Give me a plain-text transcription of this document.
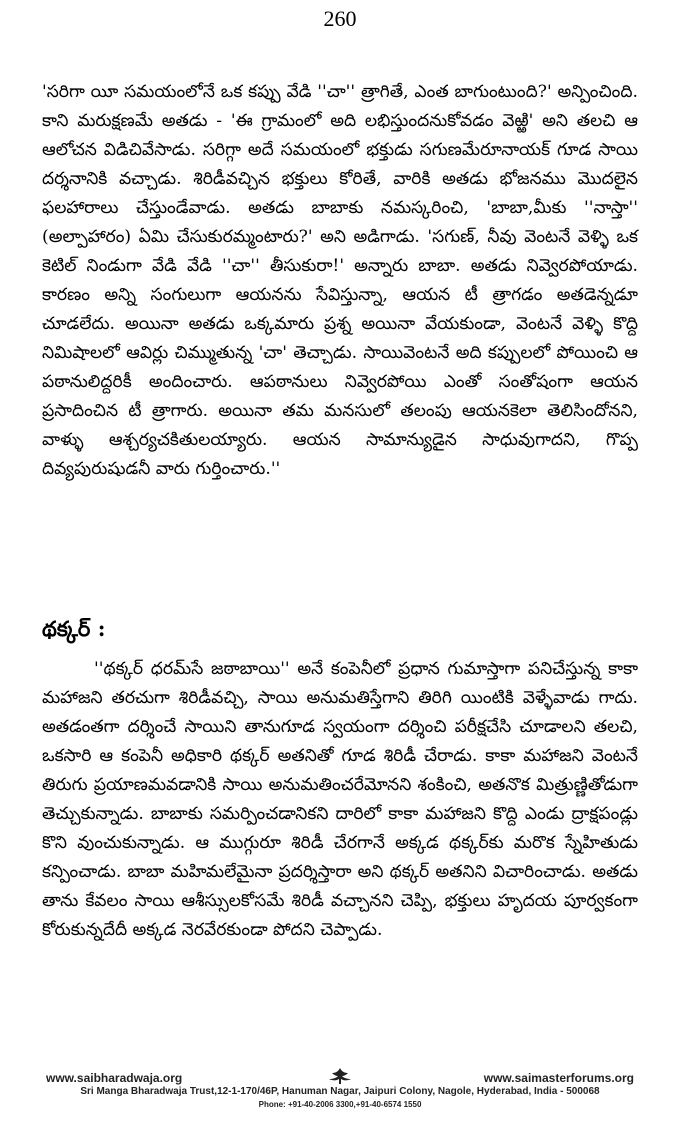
260

'సరిగా యీ సమయంలోనే ఒక కప్పు వేడి ''చా'' త్రాగితే, ఎంత బాగుంటుంది?' అన్పించింది. కాని మరుక్షణమే అతడు - 'ఈ గ్రామంలో అది లభిస్తుందనుకోవడం వెఱ్ఱి' అని తలచి ఆ ఆలోచన విడిచివేసాడు. సరిగ్గా అదే సమయంలో భక్తుడు సగుణమేరూనాయక్ గూడ సాయి దర్శనానికి వచ్చాడు. శిరిడీవచ్చిన భక్తులు కోరితే, వారికి అతడు భోజనము మొదలైన ఫలహారాలు చేస్తుండేవాడు. అతడు బాబాకు నమస్కరించి, 'బాబా,మీకు ''నాస్తా'' (అల్పాహారం) ఏమి చేసుకురమ్మంటారు?' అని అడిగాడు. 'సగుణ్, నీవు వెంటనే వెళ్ళి ఒక కెటిల్ నిండుగా వేడి వేడి ''చా'' తీసుకురా!' అన్నారు బాబా. అతడు నివ్వెరపోయాడు. కారణం అన్ని సంగులుగా ఆయనను సేవిస్తున్నా, ఆయన టీ త్రాగడం అతడెన్నడూ చూడలేదు. అయినా అతడు ఒక్కమారు ప్రశ్న అయినా వేయకుండా, వెంటనే వెళ్ళి కొద్ది నిమిషాలలో ఆవిర్లు చిమ్ముతున్న 'చా' తెచ్చాడు. సాయివెంటనే అది కప్పులలో పోయించి ఆ పఠానులిద్దరికీ అందించారు. ఆపఠానులు నివ్వెరపోయి ఎంతో సంతోషంగా ఆయన ప్రసాదించిన టీ త్రాగారు. అయినా తమ మనసులో తలంపు ఆయనకెలా తెలిసిందోనని, వాళ్ళు ఆశ్చర్యచకితులయ్యారు. ఆయన సామాన్యుడైన సాధువుగాదని, గొప్ప దివ్యపురుషుడనీ వారు గుర్తించారు.''

థక్కర్ :

''థక్కర్ ధరమ్‌సే జఠాబాయి'' అనే కంపెనీలో ప్రధాన గుమాస్తాగా పనిచేస్తున్న కాకా మహాజని తరచుగా శిరిడీవచ్చి, సాయి అనుమతిస్తేగాని తిరిగి యింటికి వెళ్ళేవాడు గాదు. అతడంతగా దర్శించే సాయిని తానుగూడ స్వయంగా దర్శించి పరీక్షచేసి చూడాలని తలచి, ఒకసారి ఆ కంపెనీ అధికారి థక్కర్ అతనితో గూడ శిరిడీ చేరాడు. కాకా మహాజని వెంటనే తిరుగు ప్రయాణమవడానికి సాయి అనుమతించరేమోనని శంకించి, అతనొక మిత్రుణ్ణితోడుగా తెచ్చుకున్నాడు. బాబాకు సమర్పించడానికని దారిలో కాకా మహాజని కొద్ది ఎండు ద్రాక్షపండ్లు కొని వుంచుకున్నాడు. ఆ ముగ్గురూ శిరిడీ చేరగానే అక్కడ థక్కర్‌కు మరొక స్నేహితుడు కన్పించాడు. బాబా మహిమలేమైనా ప్రదర్శిస్తారా అని థక్కర్ అతనిని విచారించాడు. అతడు తాను కేవలం సాయి ఆశీస్సులకోసమే శిరిడీ వచ్చానని చెప్పి, భక్తులు హృదయ పూర్వకంగా కోరుకున్నదేదీ అక్కడ నెరవేరకుండా పోదని చెప్పాడు.

www.saibharadwaja.org	www.saimasterforums.org
Sri Manga Bharadwaja Trust,12-1-170/46P, Hanuman Nagar, Jaipuri Colony, Nagole, Hyderabad, India - 500068
Phone: +91-40-2006 3300,+91-40-6574 1550
